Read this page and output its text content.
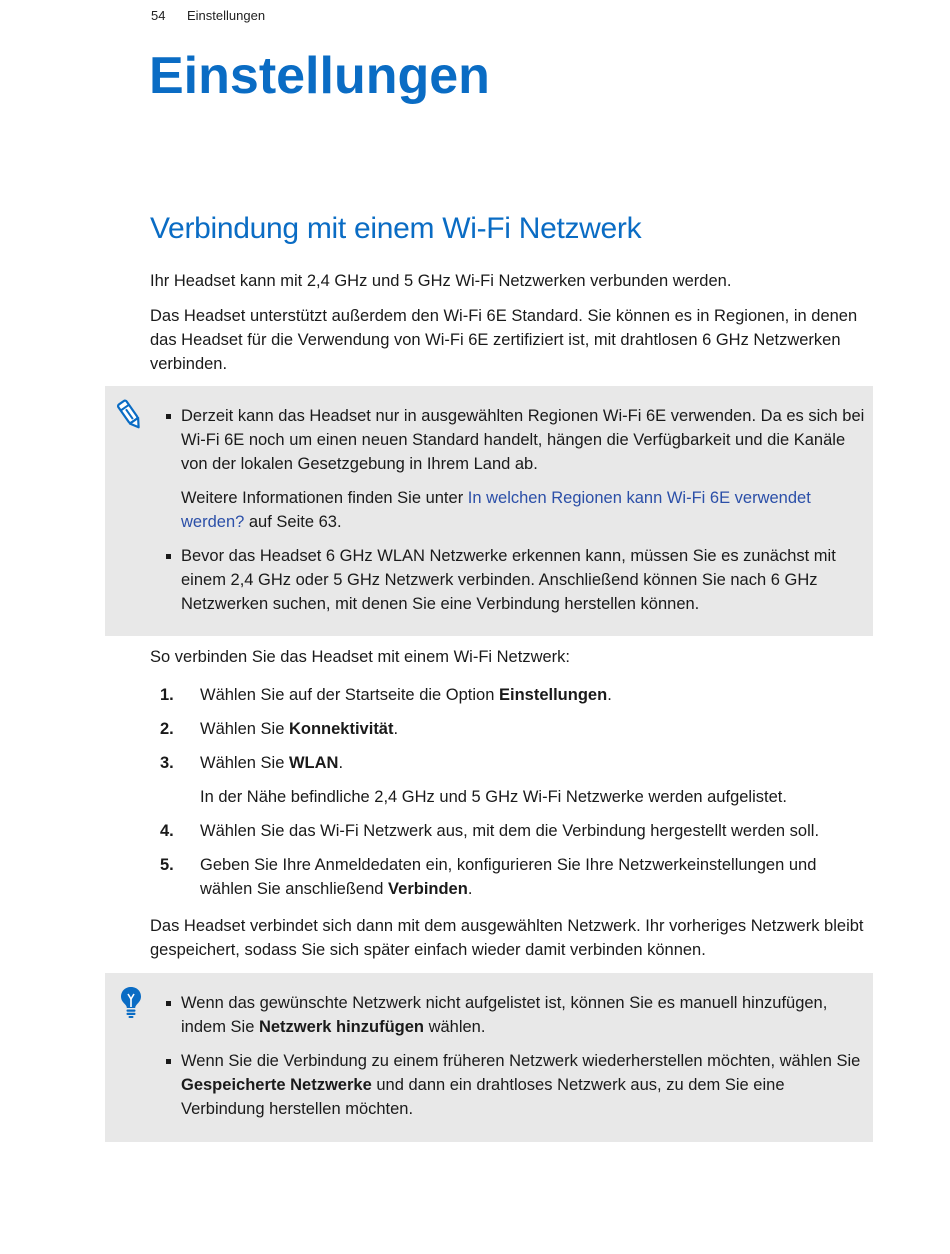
54 Einstellungen
Einstellungen
Verbindung mit einem Wi-Fi Netzwerk

Ihr Headset kann mit 2,4 GHz und 5 GHz Wi-Fi Netzwerken verbunden werden.

Das Headset unterstützt außerdem den Wi-Fi 6E Standard. Sie können es in Regionen, in denen das Headset für die Verwendung von Wi-Fi 6E zertifiziert ist, mit drahtlosen 6 GHz Netzwerken verbinden.

Derzeit kann das Headset nur in ausgewählten Regionen Wi-Fi 6E verwenden. Da es sich bei Wi-Fi 6E noch um einen neuen Standard handelt, hängen die Verfügbarkeit und die Kanäle von der lokalen Gesetzgebung in Ihrem Land ab.

Weitere Informationen finden Sie unter In welchen Regionen kann Wi-Fi 6E verwendet werden? auf Seite 63.

Bevor das Headset 6 GHz WLAN Netzwerke erkennen kann, müssen Sie es zunächst mit einem 2,4 GHz oder 5 GHz Netzwerk verbinden. Anschließend können Sie nach 6 GHz Netzwerken suchen, mit denen Sie eine Verbindung herstellen können.

So verbinden Sie das Headset mit einem Wi-Fi Netzwerk:

1. Wählen Sie auf der Startseite die Option Einstellungen.
2. Wählen Sie Konnektivität.
3. Wählen Sie WLAN.
In der Nähe befindliche 2,4 GHz und 5 GHz Wi-Fi Netzwerke werden aufgelistet.
4. Wählen Sie das Wi-Fi Netzwerk aus, mit dem die Verbindung hergestellt werden soll.
5. Geben Sie Ihre Anmeldedaten ein, konfigurieren Sie Ihre Netzwerkeinstellungen und wählen Sie anschließend Verbinden.

Das Headset verbindet sich dann mit dem ausgewählten Netzwerk. Ihr vorheriges Netzwerk bleibt gespeichert, sodass Sie sich später einfach wieder damit verbinden können.

Wenn das gewünschte Netzwerk nicht aufgelistet ist, können Sie es manuell hinzufügen, indem Sie Netzwerk hinzufügen wählen.

Wenn Sie die Verbindung zu einem früheren Netzwerk wiederherstellen möchten, wählen Sie Gespeicherte Netzwerke und dann ein drahtloses Netzwerk aus, zu dem Sie eine Verbindung herstellen möchten.
